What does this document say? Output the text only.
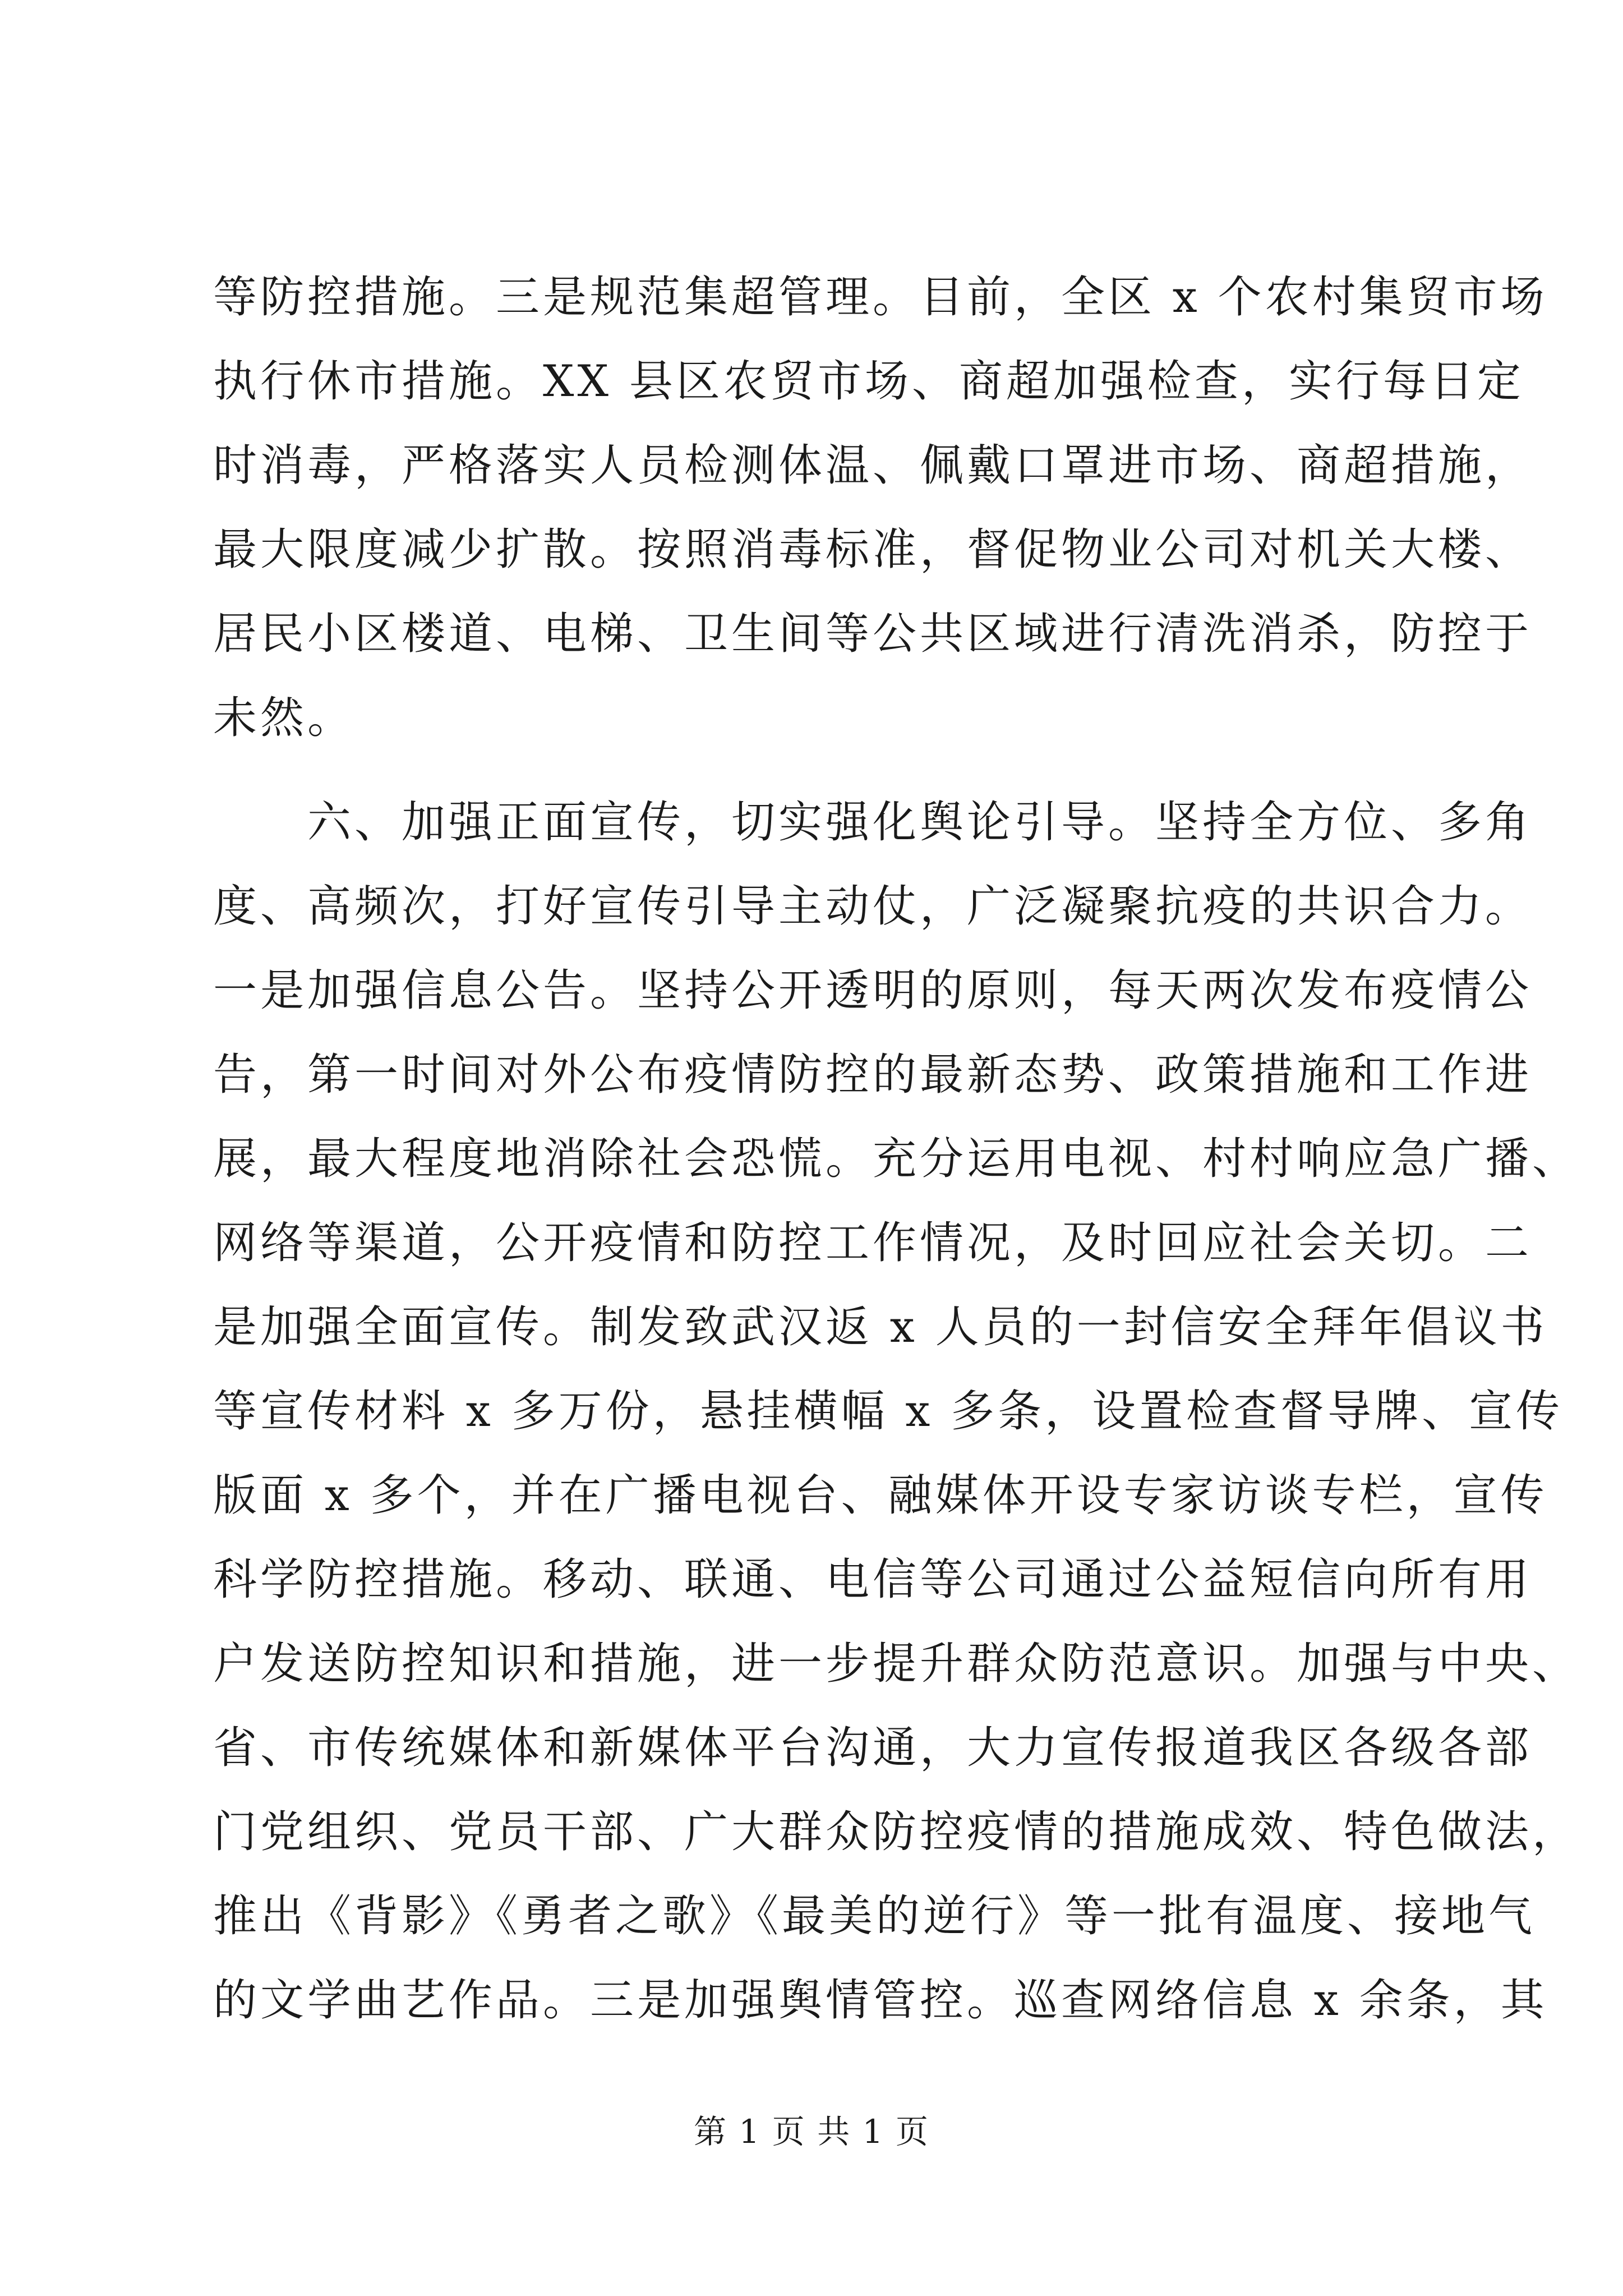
等防控措施。三是规范集超管理。目前，全区 x 个农村集贸市场
执行休市措施。XX 县区农贸市场、商超加强检查，实行每日定
时消毒，严格落实人员检测体温、佩戴口罩进市场、商超措施，
最大限度减少扩散。按照消毒标准，督促物业公司对机关大楼、
居民小区楼道、电梯、卫生间等公共区域进行清洗消杀，防控于
未然。
　　六、加强正面宣传，切实强化舆论引导。坚持全方位、多角
度、高频次，打好宣传引导主动仗，广泛凝聚抗疫的共识合力。
一是加强信息公告。坚持公开透明的原则，每天两次发布疫情公
告，第一时间对外公布疫情防控的最新态势、政策措施和工作进
展，最大程度地消除社会恐慌。充分运用电视、村村响应急广播、
网络等渠道，公开疫情和防控工作情况，及时回应社会关切。二
是加强全面宣传。制发致武汉返 x 人员的一封信安全拜年倡议书
等宣传材料 x 多万份，悬挂横幅 x 多条，设置检查督导牌、宣传
版面 x 多个，并在广播电视台、融媒体开设专家访谈专栏，宣传
科学防控措施。移动、联通、电信等公司通过公益短信向所有用
户发送防控知识和措施，进一步提升群众防范意识。加强与中央、
省、市传统媒体和新媒体平台沟通，大力宣传报道我区各级各部
门党组织、党员干部、广大群众防控疫情的措施成效、特色做法，
推出《背影》《勇者之歌》《最美的逆行》等一批有温度、接地气
的文学曲艺作品。三是加强舆情管控。巡查网络信息 x 余条，其
第 1 页 共 1 页
